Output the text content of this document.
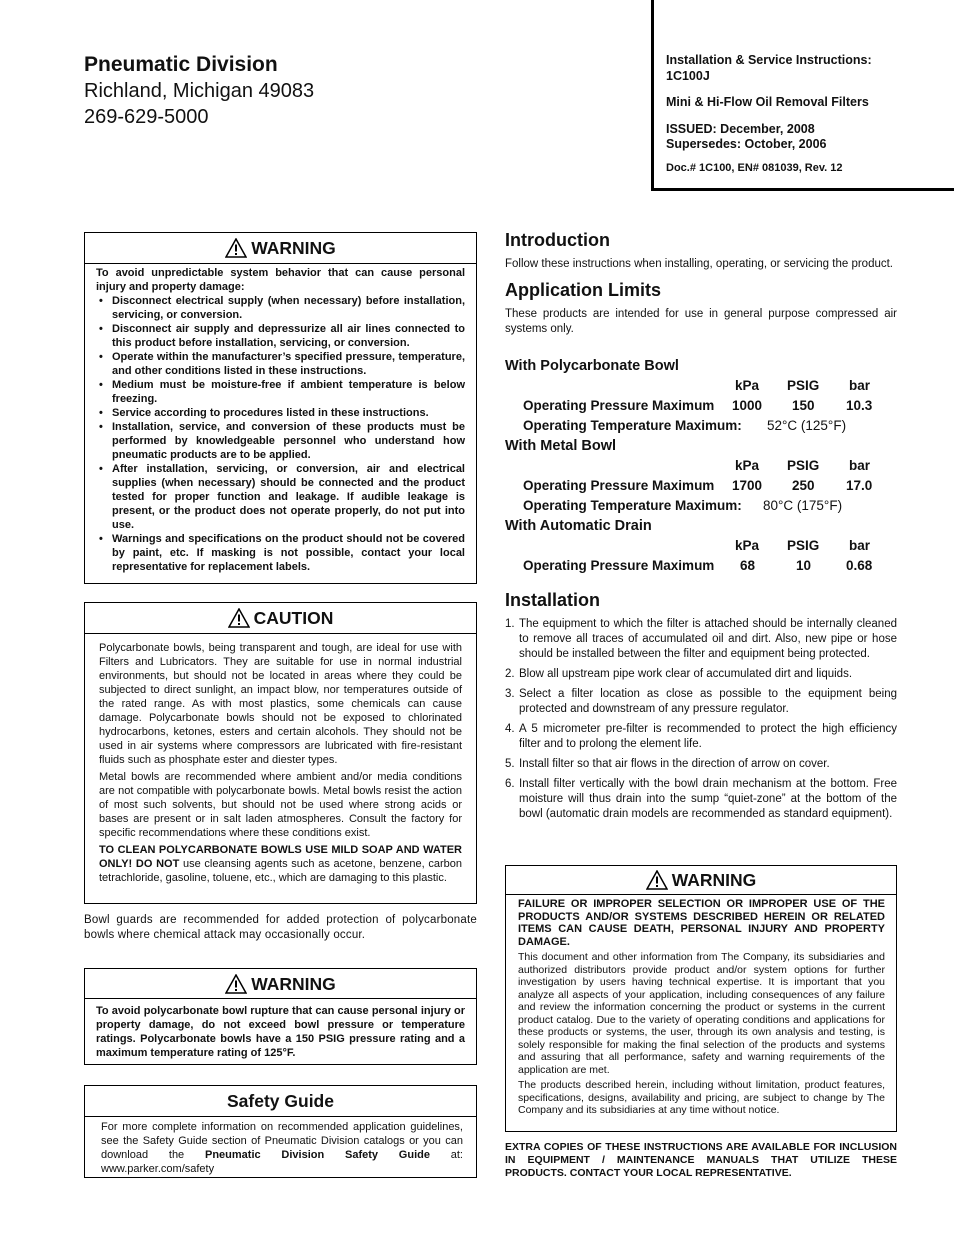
Pneumatic Division
Richland, Michigan 49083
269-629-5000

Installation & Service Instructions:

1C100J

Mini & Hi-Flow Oil Removal Filters

ISSUED: December, 2008

Supersedes: October, 2006

Doc.# 1C100, EN# 081039, Rev. 12

WARNING
To avoid unpredictable system behavior that can cause personal injury and property damage:
• Disconnect electrical supply (when necessary) before installation, servicing, or conversion.
• Disconnect air supply and depressurize all air lines connected to this product before installation, servicing, or conversion.
• Operate within the manufacturer’s specified pressure, temperature, and other conditions listed in these instructions.
• Medium must be moisture-free if ambient temperature is below freezing.
• Service according to procedures listed in these instructions.
• Installation, service, and conversion of these products must be performed by knowledgeable personnel who understand how pneumatic products are to be applied.
• After installation, servicing, or conversion, air and electrical supplies (when necessary) should be connected and the product tested for proper function and leakage. If audible leakage is present, or the product does not operate properly, do not put into use.
• Warnings and specifications on the product should not be covered by paint, etc. If masking is not possible, contact your local representative for replacement labels.
CAUTION
Polycarbonate bowls, being transparent and tough, are ideal for use with Filters and Lubricators. They are suitable for use in normal industrial environments, but should not be located in areas where they could be subjected to direct sunlight, an impact blow, nor temperatures outside of the rated range. As with most plastics, some chemicals can cause damage. Polycarbonate bowls should not be exposed to chlorinated hydrocarbons, ketones, esters and certain alcohols. They should not be used in air systems where compressors are lubricated with fire-resistant fluids such as phosphate ester and diester types.
Metal bowls are recommended where ambient and/or media conditions are not compatible with polycarbonate bowls. Metal bowls resist the action of most such solvents, but should not be used where strong acids or bases are present or in salt laden atmospheres. Consult the factory for specific recommendations where these conditions exist.
TO CLEAN POLYCARBONATE BOWLS USE MILD SOAP AND WATER ONLY! DO NOT use cleansing agents such as acetone, benzene, carbon tetrachloride, gasoline, toluene, etc., which are damaging to this plastic.
Bowl guards are recommended for added protection of polycarbonate bowls where chemical attack may occasionally occur.
WARNING
To avoid polycarbonate bowl rupture that can cause personal injury or property damage, do not exceed bowl pressure or temperature ratings. Polycarbonate bowls have a 150 PSIG pressure rating and a maximum temperature rating of 125°F.
Safety Guide
For more complete information on recommended application guidelines, see the Safety Guide section of Pneumatic Division catalogs or you can download the Pneumatic Division Safety Guide at: www.parker.com/safety
Introduction
Follow these instructions when installing, operating, or servicing the product.
Application Limits
These products are intended for use in general purpose compressed air systems only.
With Polycarbonate Bowl
kPa PSIG bar
Operating Pressure Maximum 1000 150 10.3
Operating Temperature Maximum: 52°C (125°F)
With Metal Bowl
kPa PSIG bar
Operating Pressure Maximum 1700 250 17.0
Operating Temperature Maximum: 80°C (175°F)
With Automatic Drain
kPa PSIG bar
Operating Pressure Maximum 68	10	0.68
Installation
1. The equipment to which the filter is attached should be internally cleaned to remove all traces of accumulated oil and dirt. Also, new pipe or hose should be installed between the filter and equipment being protected.
2. Blow all upstream pipe work clear of accumulated dirt and liquids.
3. Select a filter location as close as possible to the equipment being protected and downstream of any pressure regulator.
4. A 5 micrometer pre-filter is recommended to protect the high efficiency filter and to prolong the element life.
5. Install filter so that air flows in the direction of arrow on cover.
6. Install filter vertically with the bowl drain mechanism at the bottom. Free moisture will thus drain into the sump “quiet-zone” at the bottom of the bowl (automatic drain models are recommended as standard equipment).
WARNING
FAILURE OR IMPROPER SELECTION OR IMPROPER USE OF THE PRODUCTS AND/OR SYSTEMS DESCRIBED HEREIN OR RELATED ITEMS CAN CAUSE DEATH, PERSONAL INJURY AND PROPERTY DAMAGE.
This document and other information from The Company, its subsidiaries and authorized distributors provide product and/or system options for further investigation by users having technical expertise. It is important that you analyze all aspects of your application, including consequences of any failure and review the information concerning the product or systems in the current product catalog. Due to the variety of operating conditions and applications for these products or systems, the user, through its own analysis and testing, is solely responsible for making the final selection of the products and systems and assuring that all performance, safety and warning requirements of the application are met.
The products described herein, including without limitation, product features, specifications, designs, availability and pricing, are subject to change by The Company and its subsidiaries at any time without notice.
EXTRA COPIES OF THESE INSTRUCTIONS ARE AVAILABLE FOR INCLUSION IN EQUIPMENT / MAINTENANCE MANUALS THAT UTILIZE THESE PRODUCTS. CONTACT YOUR LOCAL REPRESENTATIVE.
